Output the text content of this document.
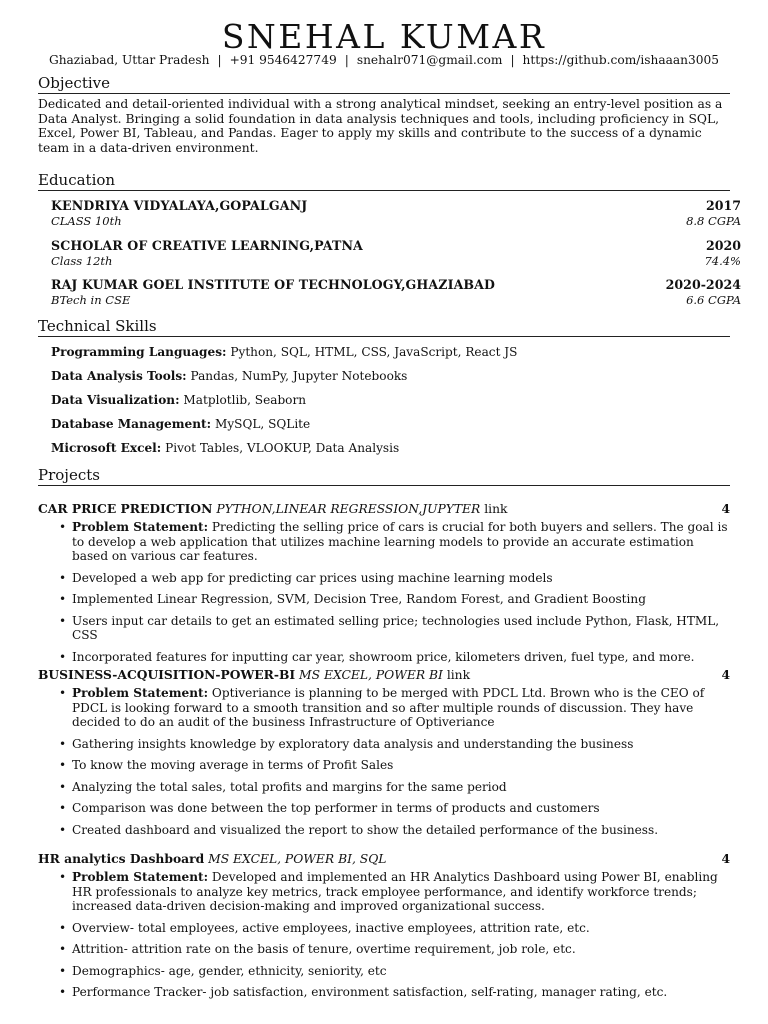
SNEHAL KUMAR
Ghaziabad, Uttar Pradesh | +91 9546427749 | snehalr071@gmail.com | https://github.com/ishaaan3005
Objective
Dedicated and detail-oriented individual with a strong analytical mindset, seeking an entry-level position as a Data Analyst. Bringing a solid foundation in data analysis techniques and tools, including proficiency in SQL, Excel, Power BI, Tableau, and Pandas. Eager to apply my skills and contribute to the success of a dynamic team in a data-driven environment.
Education
KENDRIYA VIDYALAYA,GOPALGANJ	2017
CLASS 10th	8.8 CGPA
SCHOLAR OF CREATIVE LEARNING,PATNA	2020
Class 12th	74.4%
RAJ KUMAR GOEL INSTITUTE OF TECHNOLOGY,GHAZIABAD	2020-2024
BTech in CSE	6.6 CGPA
Technical Skills
Programming Languages: Python, SQL, HTML, CSS, JavaScript, React JS
Data Analysis Tools: Pandas, NumPy, Jupyter Notebooks
Data Visualization: Matplotlib, Seaborn
Database Management: MySQL, SQLite
Microsoft Excel: Pivot Tables, VLOOKUP, Data Analysis
Projects
CAR PRICE PREDICTION PYTHON,LINEAR REGRESSION,JUPYTER link	4
• Problem Statement: Predicting the selling price of cars is crucial for both buyers and sellers. The goal is to develop a web application that utilizes machine learning models to provide an accurate estimation based on various car features.
• Developed a web app for predicting car prices using machine learning models
• Implemented Linear Regression, SVM, Decision Tree, Random Forest, and Gradient Boosting
• Users input car details to get an estimated selling price; technologies used include Python, Flask, HTML, CSS
• Incorporated features for inputting car year, showroom price, kilometers driven, fuel type, and more.
BUSINESS-ACQUISITION-POWER-BI MS EXCEL, POWER BI link	4
• Problem Statement: Optiveriance is planning to be merged with PDCL Ltd. Brown who is the CEO of PDCL is looking forward to a smooth transition and so after multiple rounds of discussion. They have decided to do an audit of the business Infrastructure of Optiveriance
• Gathering insights knowledge by exploratory data analysis and understanding the business
• To know the moving average in terms of Profit Sales
• Analyzing the total sales, total profits and margins for the same period
• Comparison was done between the top performer in terms of products and customers
• Created dashboard and visualized the report to show the detailed performance of the business.
HR analytics Dashboard MS EXCEL, POWER BI, SQL	4
• Problem Statement: Developed and implemented an HR Analytics Dashboard using Power BI, enabling HR professionals to analyze key metrics, track employee performance, and identify workforce trends; increased data-driven decision-making and improved organizational success.
• Overview- total employees, active employees, inactive employees, attrition rate, etc.
• Attrition- attrition rate on the basis of tenure, overtime requirement, job role, etc.
• Demographics- age, gender, ethnicity, seniority, etc
• Performance Tracker- job satisfaction, environment satisfaction, self-rating, manager rating, etc.
